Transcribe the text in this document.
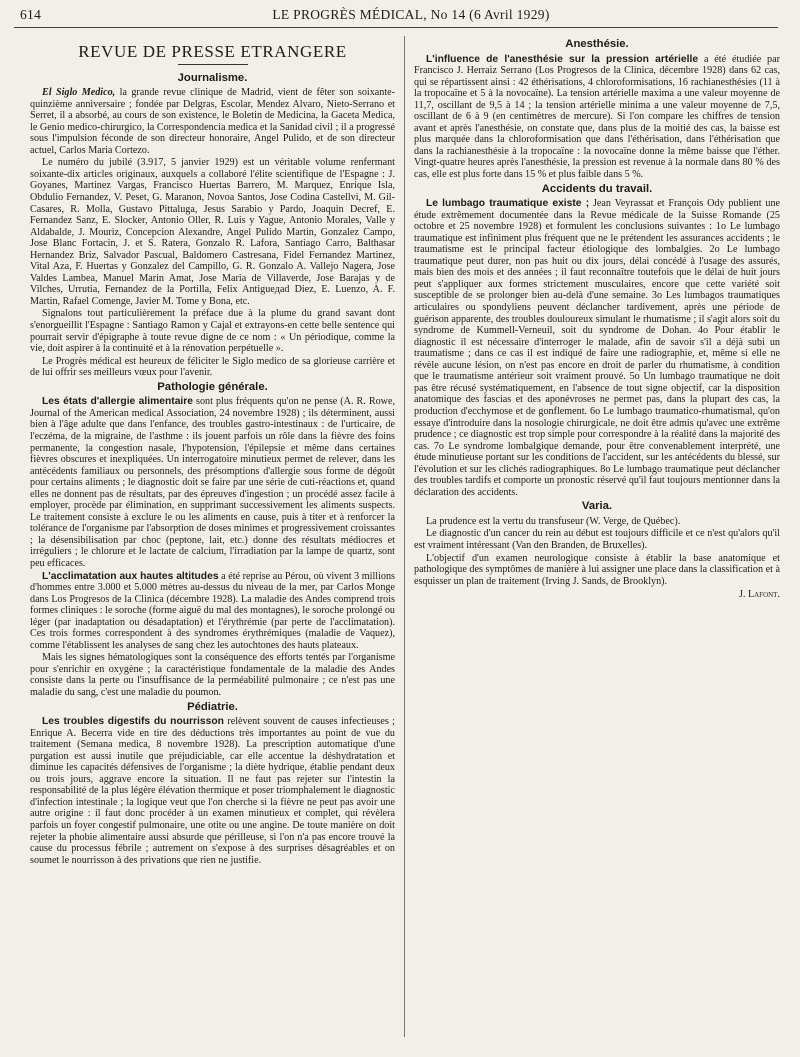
614	LE PROGRÈS MÉDICAL, No 14 (6 Avril 1929)
REVUE DE PRESSE ETRANGERE
Journalisme.

El Siglo Medico, la grande revue clinique de Madrid, vient de fêter son soixante-quinzième anniversaire ; fondée par Delgras, Escolar, Mendez Alvaro, Nieto-Serrano et Serret, il a absorbé, au cours de son existence, le Boletin de Medicina, la Gaceta Medica, le Genio medico-chirurgico, la Correspondencia medica et la Sanidad civil ; il a progressé sous l'impulsion féconde de son directeur honoraire, Angel Pulido, et de son directeur actuel, Carlos Maria Cortezo.

Le numéro du jubilé (3.917, 5 janvier 1929) est un véritable volume renfermant soixante-dix articles originaux, auxquels a collaboré l'élite scientifique de l'Espagne : J. Goyanes, Martinez Vargas, Francisco Huertas Barrero, M. Marquez, Enrique Isla, Obdulio Fernandez, V. Peset, G. Maranon, Novoa Santos, Jose Codina Castellvi, M. Gil-Casares, R. Molla, Gustavo Pittaluga, Jesus Sarabio y Pardo, Joaquin Decref, E. Fernandez Sanz, E. Slocker, Antonio Oller, R. Luis y Yague, Antonio Morales, Valle y Aldabalde, J. Mouriz, Concepcion Alexandre, Angel Pulido Martin, Gonzalez Campo, Jose Blanc Fortacin, J. et S. Ratera, Gonzalo R. Lafora, Santiago Carro, Balthasar Hernandez Briz, Salvador Pascual, Baldomero Castresana, Fidel Fernandez Martinez, Vital Aza, F. Huertas y Gonzalez del Campillo, G. R. Gonzalo A. Vallejo Nagera, Jose Valdes Lambea, Manuel Marin Amat, Jose Maria de Villaverde, Jose Barajas y de Vilches, Urrutia, Fernandez de la Portilla, Felix Antigueдad Diez, E. Luenzo, A. F. Martin, Rafael Comenge, Javier M. Tome y Bona, etc.

Signalons tout particulièrement la préface due à la plume du grand savant dont s'enorgueillit l'Espagne : Santiago Ramon y Cajal et extrayons-en cette belle sentence qui pourrait servir d'épigraphe à toute revue digne de ce nom : « Un périodique, comme la vie, doit aspirer à la continuité et à la rénovation perpétuelle ».

Le Progrès médical est heureux de féliciter le Siglo medico de sa glorieuse carrière et de lui offrir ses meilleurs vœux pour l'avenir.

Pathologie générale.

Les états d'allergie alimentaire sont plus fréquents qu'on ne pense (A. R. Rowe, Journal of the American medical Association, 24 novembre 1928) ; ils déterminent, aussi bien à l'âge adulte que dans l'enfance, des troubles gastro-intestinaux : de l'urticaire, de l'eczéma, de la migraine, de l'asthme : ils jouent parfois un rôle dans la fièvre des foins permanente, la congestion nasale, l'hypotension, l'épilepsie et même dans certaines fièvres obscures et inexpliquées. Un interrogatoire minutieux permet de relever, dans les antécédents familiaux ou personnels, des présomptions d'allergie sous forme de dégoût pour certains aliments ; le diagnostic doit se faire par une série de cuti-réactions et, quand elles ne donnent pas de résultats, par des épreuves d'ingestion ; un procédé assez facile à employer, procède par élimination, en supprimant successivement les aliments suspects. Le traitement consiste à exclure le ou les aliments en cause, puis à titer et à renforcer la tolérance de l'organisme par l'absorption de doses minimes et progressivement croissantes ; la désensibilisation par choc (peptone, lait, etc.) donne des résultats médiocres et irréguliers ; le chlorure et le lactate de calcium, l'irradiation par la lampe de quartz, sont peu efficaces.

L'acclimatation aux hautes altitudes a été reprise au Pérou, où vivent 3 millions d'hommes entre 3.000 et 5.000 mètres au-dessus du niveau de la mer, par Carlos Monge dans Los Progresos de la Clinica (décembre 1928). La maladie des Andes comprend trois formes cliniques : le soroche (forme aiguë du mal des montagnes), le soroche prolongé ou léger (par inadaptation ou désadaptation) et l'érythrémie (par perte de l'acclimatation). Ces trois formes correspondent à des syndromes érythrémiques (maladie de Vaquez), comme l'établissent les analyses de sang chez les autochtones des hauts plateaux.

Mais les signes hématologiques sont la conséquence des efforts tentés par l'organisme pour s'enrichir en oxygène ; la caractéristique fondamentale de la maladie des Andes consiste dans la perte ou l'insuffisance de la perméabilité pulmonaire ; ce n'est pas une maladie du sang, c'est une maladie du poumon.

Pédiatrie.

Les troubles digestifs du nourrisson relèvent souvent de causes infectieuses ; Enrique A. Becerra vide en tire des déductions très importantes au point de vue du traitement (Semana medica, 8 novembre 1928). La prescription automatique d'une purgation est aussi inutile que préjudiciable, car elle accentue la déshydratation et diminue les capacités défensives de l'organisme ; la diète hydrique, établie pendant deux ou trois jours, aggrave encore la situation. Il ne faut pas rejeter sur l'intestin la responsabilité de la plus légère élévation thermique et poser triomphalement le diagnostic d'infection intestinale ; la logique veut que l'on cherche si la fièvre ne peut pas avoir une autre origine : il faut donc procéder à un examen minutieux et complet, qui révèlera parfois un foyer congestif pulmonaire, une otite ou une angine. De toute manière on doit rejeter la phobie alimentaire aussi absurde que périlleuse, si l'on n'a pas encore trouvé la cause du processus fébrile ; autrement on s'expose à des surprises désagréables et on soumet le nourrisson à des privations que rien ne justifie.

Anesthésie.

L'influence de l'anesthésie sur la pression artérielle a été étudiée par Francisco J. Herraiz Serrano (Los Progresos de la Clinica, décembre 1928) dans 62 cas, qui se répartissent ainsi : 42 éthérisations, 4 chloroformisations, 16 rachianesthésies (11 à la tropocaïne et 5 à la novocaïne). La tension artérielle maxima a une valeur moyenne de 11,7, oscillant de 9,5 à 14 ; la tension artérielle minima a une valeur moyenne de 7,5, oscillant de 6 à 9 (en centimètres de mercure). Si l'on compare les chiffres de tension avant et après l'anesthésie, on constate que, dans plus de la moitié des cas, la baisse est plus marquée dans la chloroformisation que dans l'éthérisation, dans l'éthérisation que dans la rachianesthésie à la tropocaïne : la novocaïne donne la même baisse que l'éther. Vingt-quatre heures après l'anesthésie, la pression est revenue à la normale dans 80 % des cas, elle est plus forte dans 15 % et plus faible dans 5 %.

Accidents du travail.

Le lumbago traumatique existe ; Jean Veyrassat et François Ody publient une étude extrêmement documentée dans la Revue médicale de la Suisse Romande (25 octobre et 25 novembre 1928) et formulent les conclusions suivantes : 1o Le lumbago traumatique est infiniment plus fréquent que ne le prétendent les assurances accidents ; le traumatisme est le principal facteur étiologique des lombalgies. 2o Le lumbago traumatique peut durer, non pas huit ou dix jours, délai concédé à l'usage des assurés, mais bien des mois et des années ; il faut reconnaître toutefois que le délai de huit jours peut s'appliquer aux formes strictement musculaires, encore que cette variété soit susceptible de se prolonger bien au-delà d'une semaine. 3o Les lumbagos traumatiques articulaires ou spondyliens peuvent déclancher tardivement, après une période de guérison apparente, des troubles douloureux simulant le rhumatisme ; il s'agit alors soit du syndrome de Kummell-Verneuil, soit du syndrome de Dohan. 4o Pour établir le diagnostic il est nécessaire d'interroger le malade, afin de savoir s'il a déjà subi un traumatisme ; dans ce cas il est indiqué de faire une radiographie, et, même si elle ne révèle aucune lésion, on n'est pas encore en droit de parler du rhumatisme, à condition que le traumatisme antérieur soit vraiment prouvé. 5o Un lumbago traumatique ne doit pas être récusé systématiquement, en l'absence de tout signe objectif, car la disposition anatomique des fascias et des aponévroses ne permet pas, dans la plupart des cas, la production d'ecchymose et de gonflement. 6o Le lumbago traumatico-rhumatismal, qu'on essaye d'introduire dans la nosologie chirurgicale, ne doit être admis qu'avec une extrême prudence ; ce diagnostic est trop simple pour correspondre à la réalité dans la majorité des cas. 7o Le syndrome lombalgique demande, pour être convenablement interprété, une étude minutieuse portant sur les conditions de l'accident, sur les antécédents du blessé, sur l'évolution et sur les clichés radiographiques. 8o Le lumbago traumatique peut déclancher des troubles tardifs et comporte un pronostic réservé qu'il faut toujours mentionner dans la déclaration des accidents.

Varia.

La prudence est la vertu du transfuseur (W. Verge, de Québec).

Le diagnostic d'un cancer du rein au début est toujours difficile et ce n'est qu'alors qu'il est vraiment intéressant (Van den Branden, de Bruxelles).

L'objectif d'un examen neurologique consiste à établir la base anatomique et pathologique des symptômes de manière à lui assigner une place dans la classification et à esquisser un plan de traitement (Irving J. Sands, de Brooklyn).

J. Lafont.
